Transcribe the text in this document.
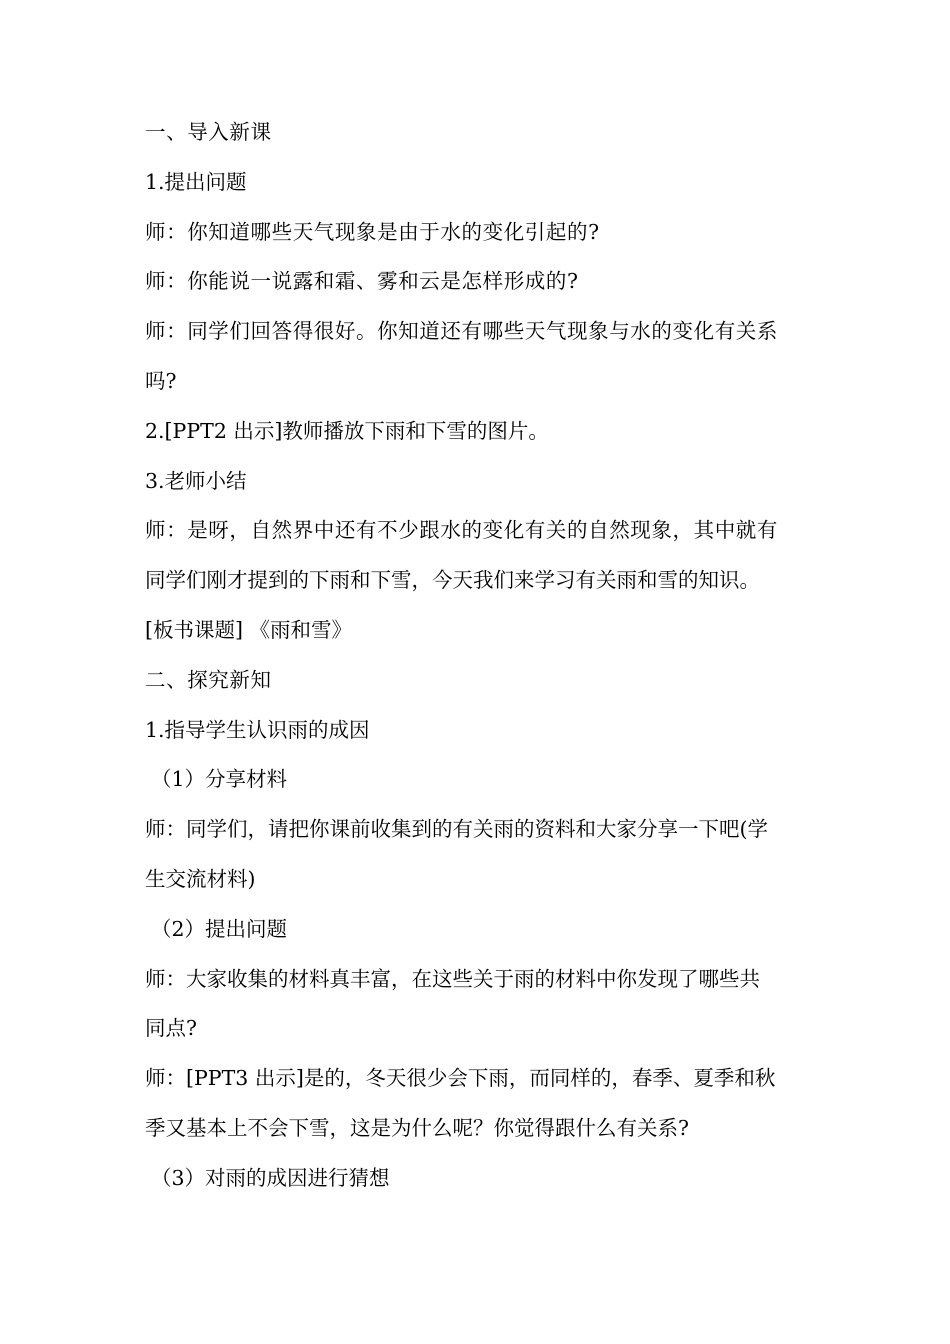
一、导入新课

1.提出问题

师：你知道哪些天气现象是由于水的变化引起的?

师：你能说一说露和霜、雾和云是怎样形成的?

师：同学们回答得很好。你知道还有哪些天气现象与水的变化有关系

吗?

2.[PPT2 出示]教师播放下雨和下雪的图片。

3.老师小结

师：是呀，自然界中还有不少跟水的变化有关的自然现象，其中就有

同学们刚才提到的下雨和下雪，今天我们来学习有关雨和雪的知识。

[板书课题] 《雨和雪》

二、探究新知

1.指导学生认识雨的成因

（1）分享材料

师：同学们，请把你课前收集到的有关雨的资料和大家分享一下吧(学

生交流材料)

（2）提出问题

师：大家收集的材料真丰富，在这些关于雨的材料中你发现了哪些共

同点?

师：[PPT3 出示]是的，冬天很少会下雨，而同样的，春季、夏季和秋

季又基本上不会下雪，这是为什么呢？你觉得跟什么有关系?

（3）对雨的成因进行猜想
